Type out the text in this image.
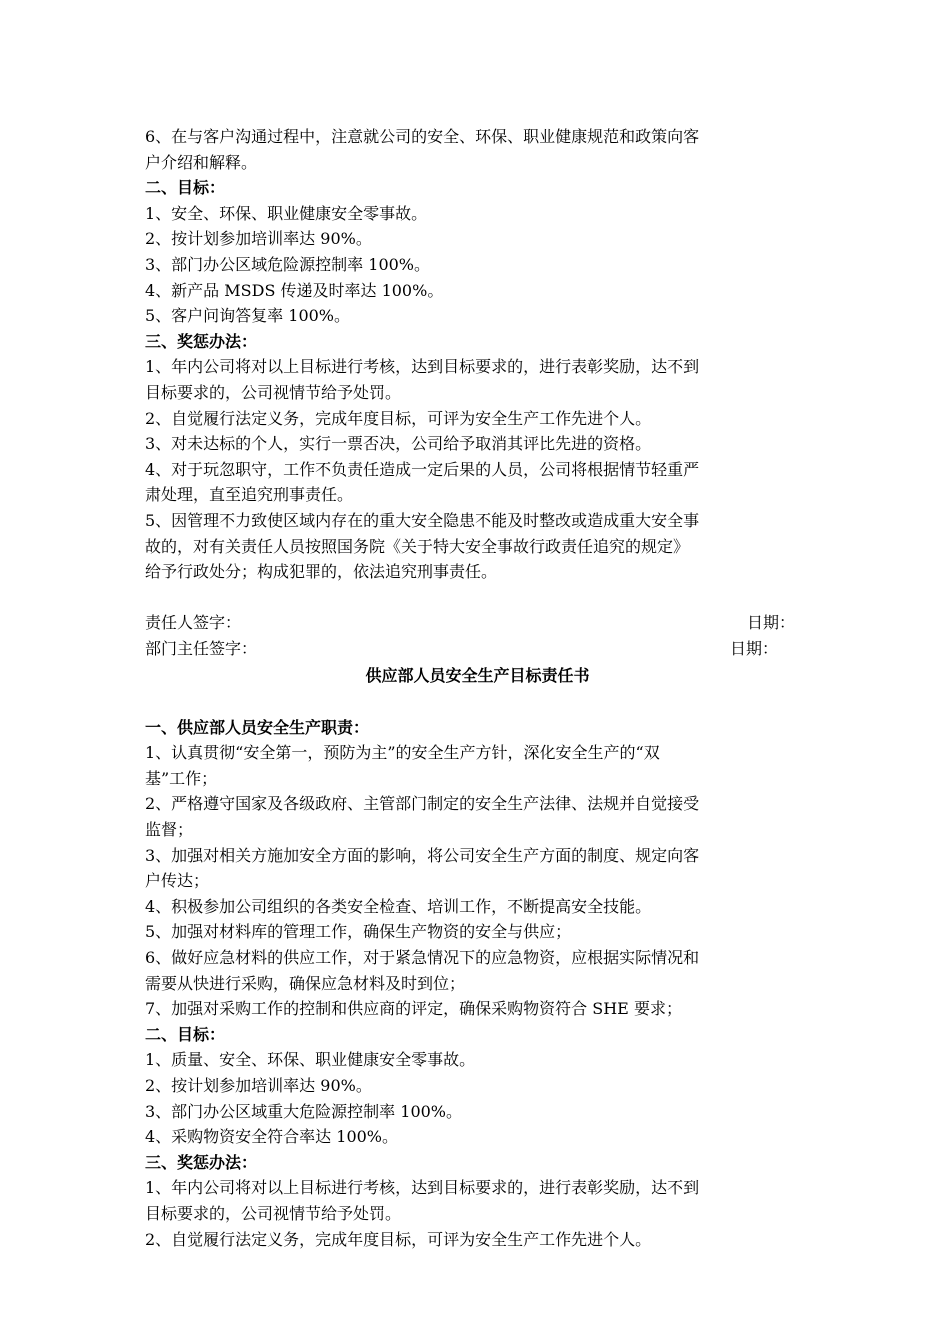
6、在与客户沟通过程中，注意就公司的安全、环保、职业健康规范和政策向客
户介绍和解释。
二、目标：
1、安全、环保、职业健康安全零事故。
2、按计划参加培训率达 90%。
3、部门办公区域危险源控制率 100%。
4、新产品 MSDS 传递及时率达 100%。
5、客户问询答复率 100%。
三、奖惩办法：
1、年内公司将对以上目标进行考核，达到目标要求的，进行表彰奖励，达不到
目标要求的，公司视情节给予处罚。
2、自觉履行法定义务，完成年度目标，可评为安全生产工作先进个人。
3、对未达标的个人，实行一票否决，公司给予取消其评比先进的资格。
4、对于玩忽职守，工作不负责任造成一定后果的人员，公司将根据情节轻重严
肃处理，直至追究刑事责任。
5、因管理不力致使区域内存在的重大安全隐患不能及时整改或造成重大安全事
故的，对有关责任人员按照国务院《关于特大安全事故行政责任追究的规定》
给予行政处分；构成犯罪的，依法追究刑事责任。
责任人签字：	日期：
部门主任签字：	日期：
供应部人员安全生产目标责任书
一、供应部人员安全生产职责：
1、认真贯彻“安全第一，预防为主”的安全生产方针，深化安全生产的“双
基”工作；
2、严格遵守国家及各级政府、主管部门制定的安全生产法律、法规并自觉接受
监督；
3、加强对相关方施加安全方面的影响，将公司安全生产方面的制度、规定向客
户传达；
4、积极参加公司组织的各类安全检查、培训工作，不断提高安全技能。
5、加强对材料库的管理工作，确保生产物资的安全与供应；
6、做好应急材料的供应工作，对于紧急情况下的应急物资，应根据实际情况和
需要从快进行采购，确保应急材料及时到位；
7、加强对采购工作的控制和供应商的评定，确保采购物资符合 SHE 要求；
二、目标：
1、质量、安全、环保、职业健康安全零事故。
2、按计划参加培训率达 90%。
3、部门办公区域重大危险源控制率 100%。
4、采购物资安全符合率达 100%。
三、奖惩办法：
1、年内公司将对以上目标进行考核，达到目标要求的，进行表彰奖励，达不到
目标要求的，公司视情节给予处罚。
2、自觉履行法定义务，完成年度目标，可评为安全生产工作先进个人。
